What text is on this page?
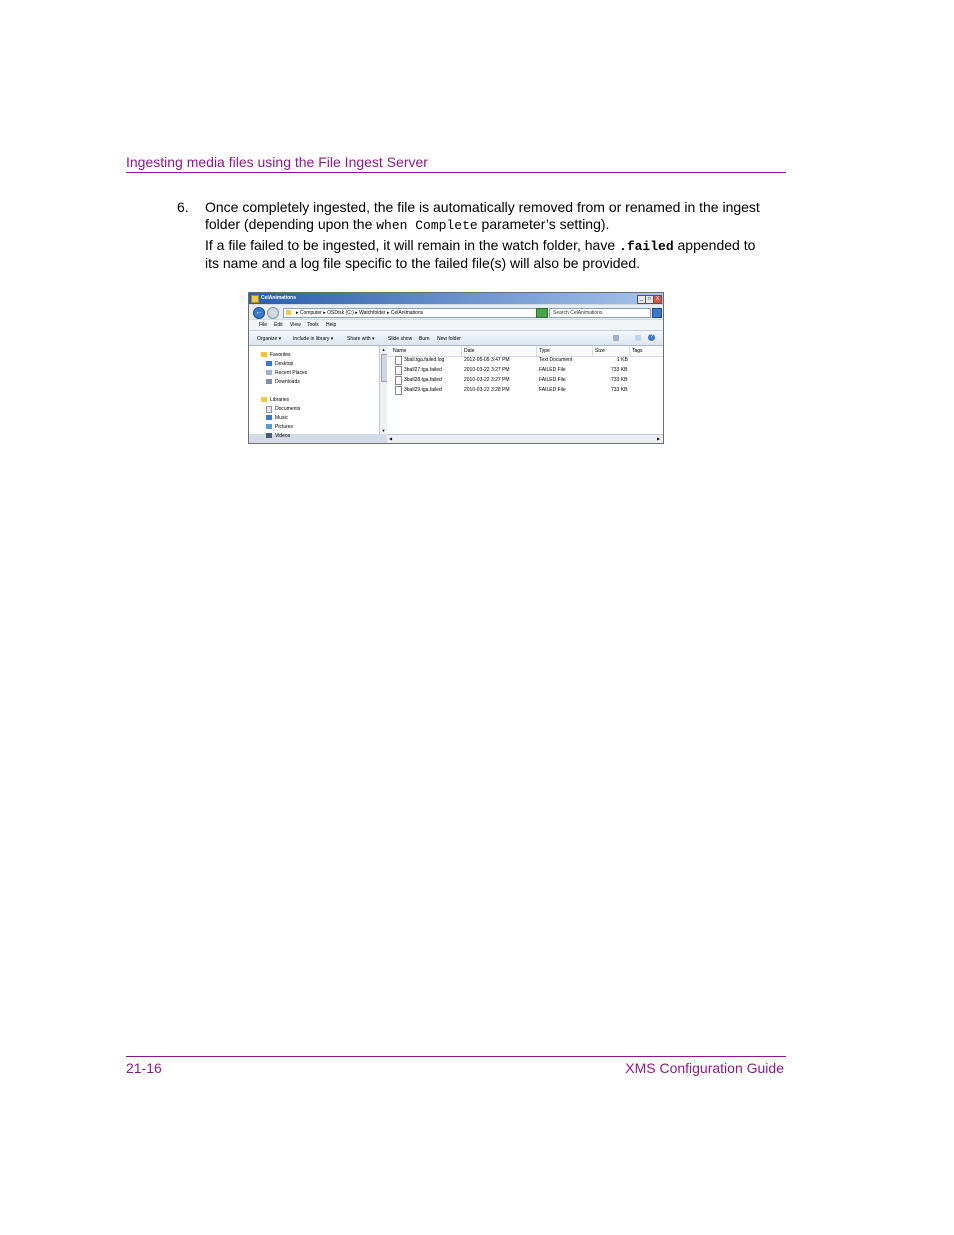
Ingesting media files using the File Ingest Server
6. Once completely ingested, the file is automatically removed from or renamed in the ingest folder (depending upon the when Complete parameter’s setting).

If a file failed to be ingested, it will remain in the watch folder, have .failed appended to its name and a log file specific to the failed file(s) will also be provided.

CelAnimations	_	□ X
←	→	▸ Computer ▸ OSDisk (C:) ▸ Watchfolder ▸ CelAnimations	Search CelAnimations
File Edit View Tools Help
Organize ▾ Include in library ▾	Share with ▾	Slide show Burn New folder	?
Favorites
Desktop
Recent Places
Downloads
Libraries
Documents
Music
Pictures
Videos
▲
▼
Name	Date	Type	Size	Tags
3ball.tga.failed.log	2012-05-09 3:47 PM	Text Document	1 KB
3ball27.tga.failed	2010-03-22 3:27 PM	FAILED File	733 KB
3ball28.tga.failed	2010-03-22 3:27 PM	FAILED File	733 KB
3ball29.tga.failed	2010-03-22 3:28 PM	FAILED File	733 KB
◀	▶
21-16	XMS Configuration Guide
